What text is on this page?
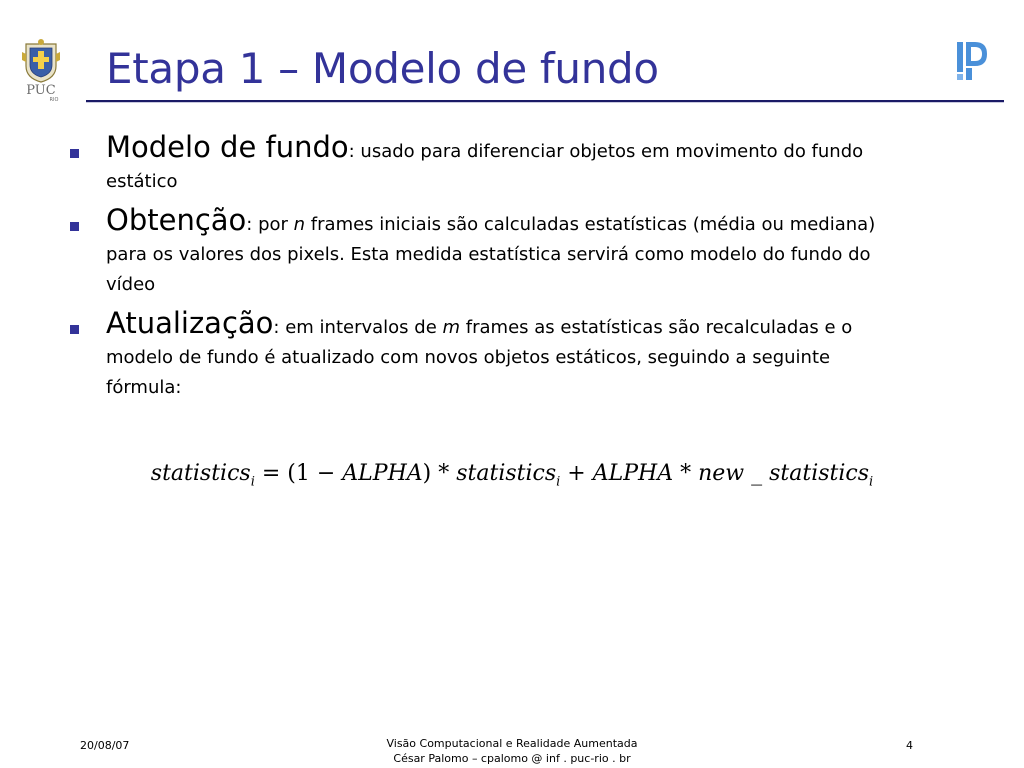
PUC
RIO
Etapa 1 – Modelo de fundo
Modelo de fundo: usado para diferenciar objetos em movimento do fundo estático
Obtenção: por n frames iniciais são calculadas estatísticas (média ou mediana) para os valores dos pixels. Esta medida estatística servirá como modelo do fundo do vídeo
Atualização: em intervalos de m frames as estatísticas são recalculadas e o modelo de fundo é atualizado com novos objetos estáticos, seguindo a seguinte fórmula:
statistics$_i$ = (1 − ALPHA) * statistics$_i$ + ALPHA * new _ statistics$_i$
20/08/07	Visão Computacional e Realidade Aumentada
César Palomo – cpalomo @ inf . puc-rio . br
4
